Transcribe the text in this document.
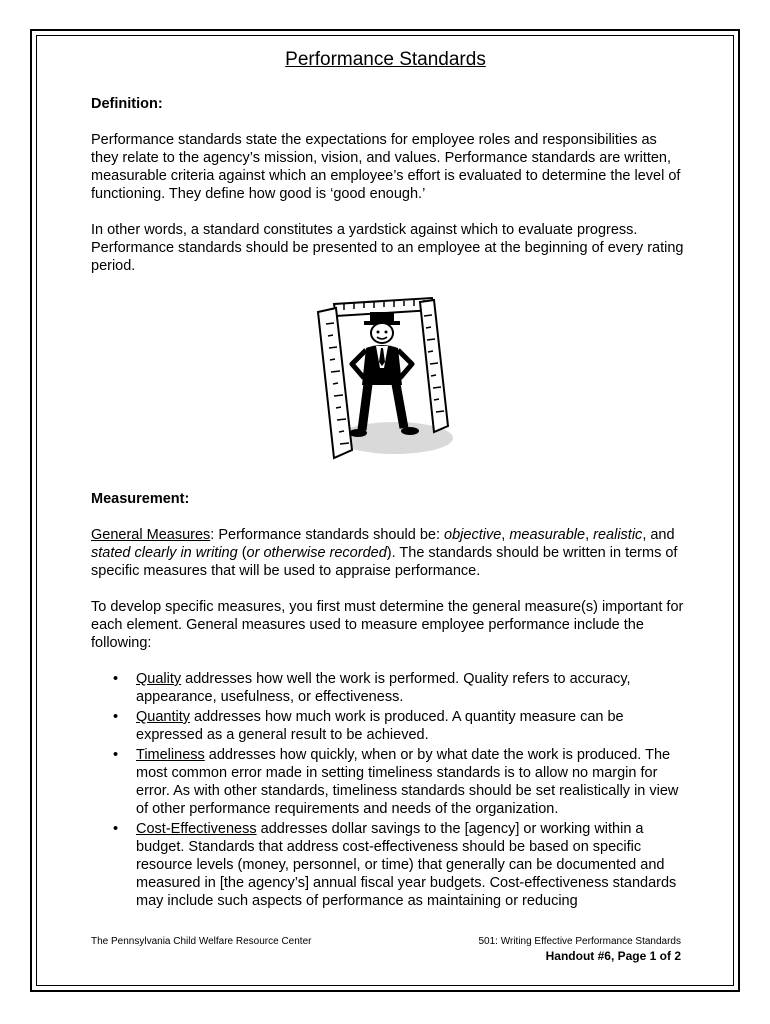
Performance Standards
Definition:

Performance standards state the expectations for employee roles and responsibilities as they relate to the agency’s mission, vision, and values. Performance standards are written, measurable criteria against which an employee’s effort is evaluated to determine the level of functioning. They define how good is ‘good enough.’

In other words, a standard constitutes a yardstick against which to evaluate progress. Performance standards should be presented to an employee at the beginning of every rating period.

Measurement:

General Measures: Performance standards should be: objective, measurable, realistic, and stated clearly in writing (or otherwise recorded). The standards should be written in terms of specific measures that will be used to appraise performance.

To develop specific measures, you first must determine the general measure(s) important for each element. General measures used to measure employee performance include the following:

• Quality addresses how well the work is performed. Quality refers to accuracy, appearance, usefulness, or effectiveness.
• Quantity addresses how much work is produced. A quantity measure can be expressed as a general result to be achieved.
• Timeliness addresses how quickly, when or by what date the work is produced. The most common error made in setting timeliness standards is to allow no margin for error. As with other standards, timeliness standards should be set realistically in view of other performance requirements and needs of the organization.
• Cost-Effectiveness addresses dollar savings to the [agency] or working within a budget. Standards that address cost-effectiveness should be based on specific resource levels (money, personnel, or time) that generally can be documented and measured in [the agency’s] annual fiscal year budgets. Cost-effectiveness standards may include such aspects of performance as maintaining or reducing
The Pennsylvania Child Welfare Resource Center	501: Writing Effective Performance Standards
Handout #6, Page 1 of 2
